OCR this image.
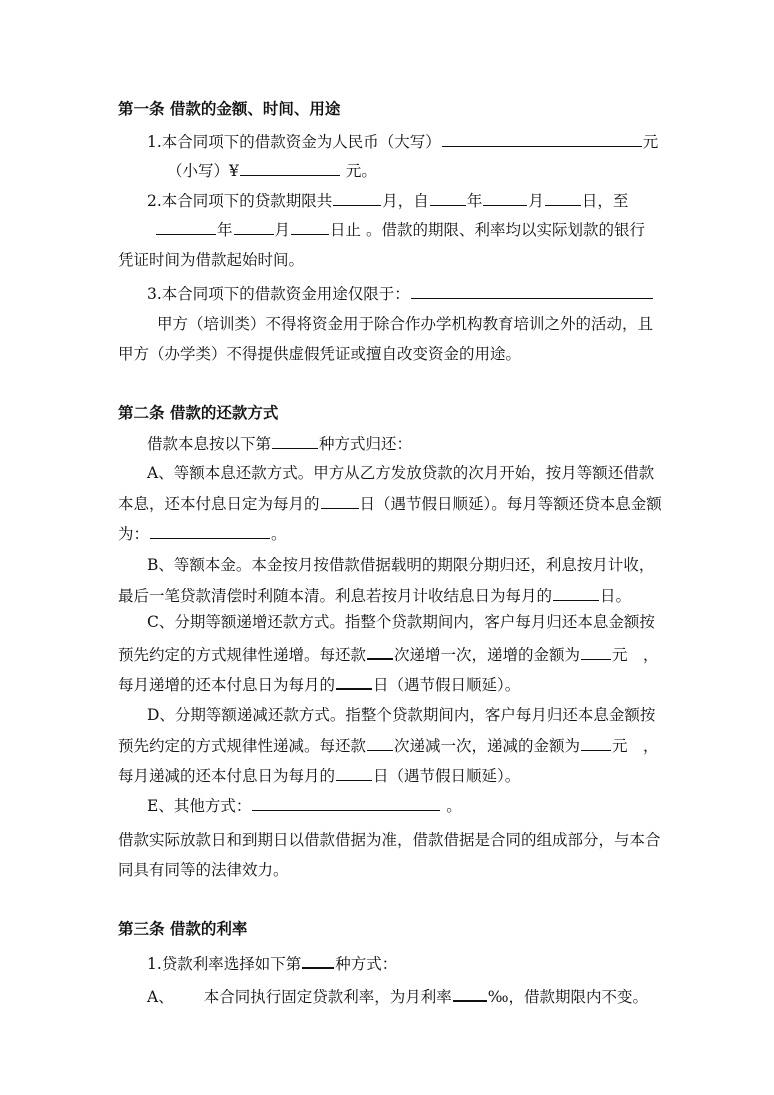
第一条 借款的金额、时间、用途
1.本合同项下的借款资金为人民币（大写）	元
（小写）¥	元。
2.本合同项下的贷款期限共	月，自 年	月 日，至
年	月	日止 。借款的期限、利率均以实际划款的银行
凭证时间为借款起始时间。
3.本合同项下的借款资金用途仅限于：
甲方（培训类）不得将资金用于除合作办学机构教育培训之外的活动，且
甲方（办学类）不得提供虚假凭证或擅自改变资金的用途。
第二条 借款的还款方式
借款本息按以下第	种方式归还：
A、等额本息还款方式。甲方从乙方发放贷款的次月开始，按月等额还借款
本息，还本付息日定为每月的	日（遇节假日顺延）。每月等额还贷本息金额
为：	。
B、等额本金。本金按月按借款借据载明的期限分期归还，利息按月计收，
最后一笔贷款清偿时利随本清。利息若按月计收结息日为每月的	日。
C、分期等额递增还款方式。指整个贷款期间内，客户每月归还本息金额按
预先约定的方式规律性递增。每还款 次递增一次，递增的金额为 元　，
每月递增的还本付息日为每月的 日（遇节假日顺延）。
D、分期等额递减还款方式。指整个贷款期间内，客户每月归还本息金额按
预先约定的方式规律性递减。每还款 次递减一次，递减的金额为 元　，
每月递减的还本付息日为每月的 日（遇节假日顺延）。
E、其他方式：	。
借款实际放款日和到期日以借款借据为准，借款借据是合同的组成部分，与本合
同具有同等的法律效力。
第三条 借款的利率
1.贷款利率选择如下第 种方式：
A、 本合同执行固定贷款利率，为月利率 ‰，借款期限内不变。
